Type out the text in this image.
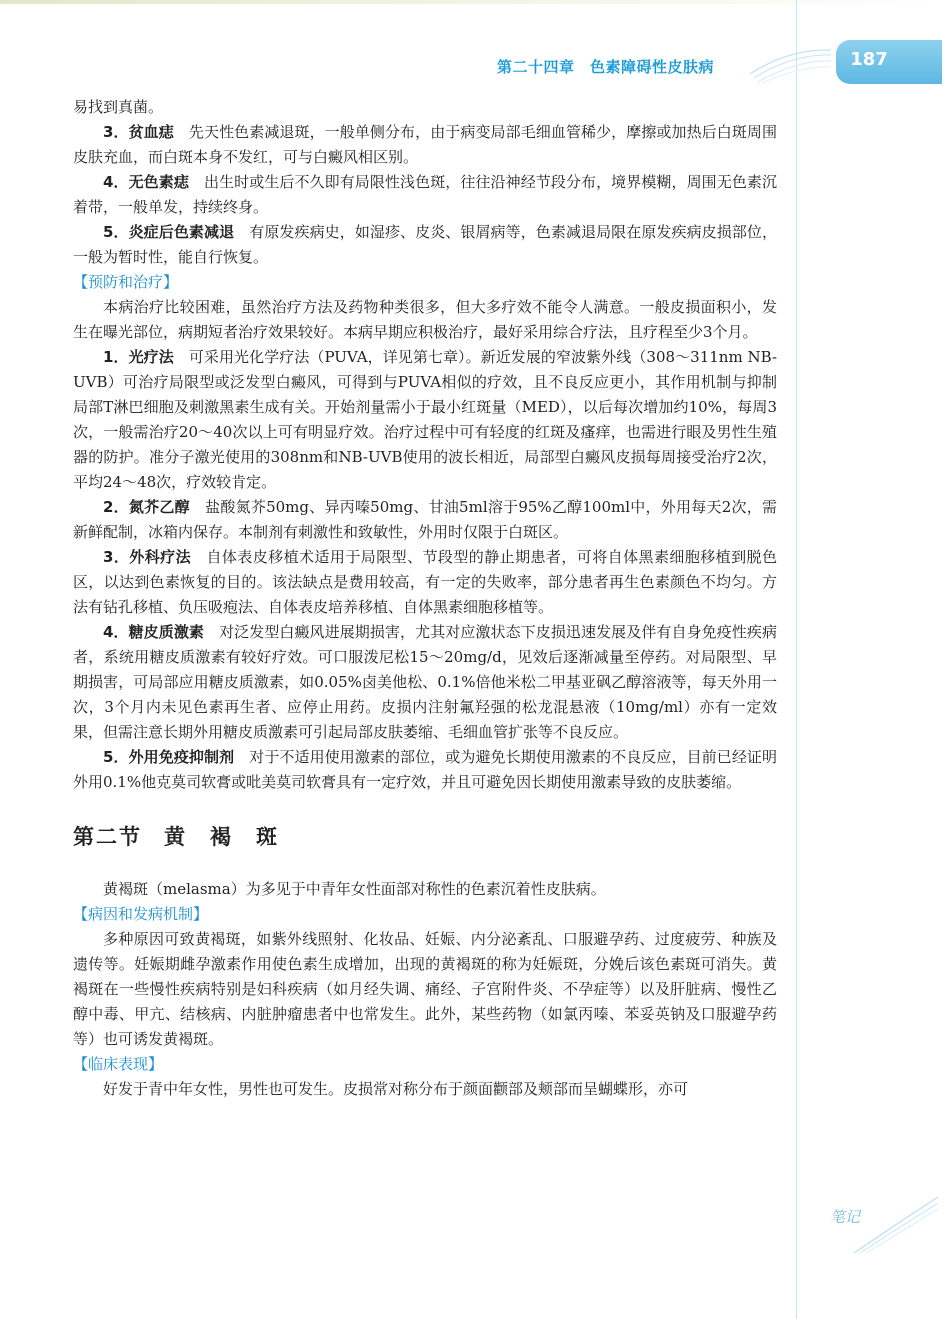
第二十四章　色素障碍性皮肤病	187

易找到真菌。

3．贫血痣　先天性色素减退斑，一般单侧分布，由于病变局部毛细血管稀少，摩擦或加热后白斑周围皮肤充血，而白斑本身不发红，可与白癜风相区别。

4．无色素痣　出生时或生后不久即有局限性浅色斑，往往沿神经节段分布，境界模糊，周围无色素沉着带，一般单发，持续终身。

5．炎症后色素减退　有原发疾病史，如湿疹、皮炎、银屑病等，色素减退局限在原发疾病皮损部位，一般为暂时性，能自行恢复。

【预防和治疗】

本病治疗比较困难，虽然治疗方法及药物种类很多，但大多疗效不能令人满意。一般皮损面积小，发生在曝光部位，病期短者治疗效果较好。本病早期应积极治疗，最好采用综合疗法，且疗程至少3个月。

1．光疗法　可采用光化学疗法（PUVA，详见第七章）。新近发展的窄波紫外线（308～311nm NB-UVB）可治疗局限型或泛发型白癜风，可得到与PUVA相似的疗效，且不良反应更小，其作用机制与抑制局部T淋巴细胞及刺激黑素生成有关。开始剂量需小于最小红斑量（MED），以后每次增加约10%，每周3次，一般需治疗20～40次以上可有明显疗效。治疗过程中可有轻度的红斑及瘙痒，也需进行眼及男性生殖器的防护。准分子激光使用的308nm和NB-UVB使用的波长相近，局部型白癜风皮损每周接受治疗2次，平均24～48次，疗效较肯定。

2．氮芥乙醇　盐酸氮芥50mg、异丙嗪50mg、甘油5ml溶于95%乙醇100ml中，外用每天2次，需新鲜配制，冰箱内保存。本制剂有刺激性和致敏性，外用时仅限于白斑区。

3．外科疗法　自体表皮移植术适用于局限型、节段型的静止期患者，可将自体黑素细胞移植到脱色区，以达到色素恢复的目的。该法缺点是费用较高，有一定的失败率，部分患者再生色素颜色不均匀。方法有钻孔移植、负压吸疱法、自体表皮培养移植、自体黑素细胞移植等。

4．糖皮质激素　对泛发型白癜风进展期损害，尤其对应激状态下皮损迅速发展及伴有自身免疫性疾病者，系统用糖皮质激素有较好疗效。可口服泼尼松15～20mg/d，见效后逐渐减量至停药。对局限型、早期损害，可局部应用糖皮质激素，如0.05%卤美他松、0.1%倍他米松二甲基亚砜乙醇溶液等，每天外用一次，3个月内未见色素再生者、应停止用药。皮损内注射氟羟强的松龙混悬液（10mg/ml）亦有一定效果，但需注意长期外用糖皮质激素可引起局部皮肤萎缩、毛细血管扩张等不良反应。

5．外用免疫抑制剂　对于不适用使用激素的部位，或为避免长期使用激素的不良反应，目前已经证明外用0.1%他克莫司软膏或吡美莫司软膏具有一定疗效，并且可避免因长期使用激素导致的皮肤萎缩。

第二节 黄　褐　斑

黄褐斑（melasma）为多见于中青年女性面部对称性的色素沉着性皮肤病。

【病因和发病机制】

多种原因可致黄褐斑，如紫外线照射、化妆品、妊娠、内分泌紊乱、口服避孕药、过度疲劳、种族及遗传等。妊娠期雌孕激素作用使色素生成增加，出现的黄褐斑的称为妊娠斑，分娩后该色素斑可消失。黄褐斑在一些慢性疾病特别是妇科疾病（如月经失调、痛经、子宫附件炎、不孕症等）以及肝脏病、慢性乙醇中毒、甲亢、结核病、内脏肿瘤患者中也常发生。此外，某些药物（如氯丙嗪、苯妥英钠及口服避孕药等）也可诱发黄褐斑。

【临床表现】

好发于青中年女性，男性也可发生。皮损常对称分布于颜面颧部及颊部而呈蝴蝶形，亦可

笔记
